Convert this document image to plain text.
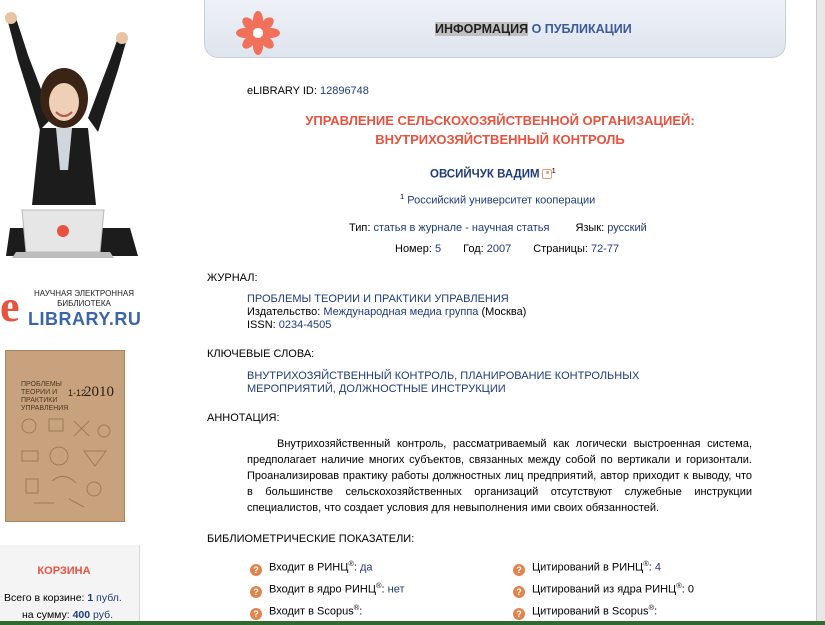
e	НАУЧНАЯ ЭЛЕКТРОННАЯ
БИБЛИОТЕКА
LIBRARY.RU
ПРОБЛЕМЫ
ТЕОРИИ И ПРАКТИКИ
УПРАВЛЕНИЯ
1-12
2010
КОРЗИНА
Всего в корзине: 1 публ.
на сумму: 400 руб.
ИНФОРМАЦИЯ О ПУБЛИКАЦИИ
eLIBRARY ID: 12896748
УПРАВЛЕНИЕ СЕЛЬСКОХОЗЯЙСТВЕННОЙ ОРГАНИЗАЦИЕЙ: ВНУТРИХОЗЯЙСТВЕННЫЙ КОНТРОЛЬ
ОВСИЙЧУК ВАДИМ $^1$
$^1$ Российский университет кооперации
Тип: статья в журнале - научная статья Язык: русский
Номер: 5 Год: 2007 Страницы: 72-77
ЖУРНАЛ:
ПРОБЛЕМЫ ТЕОРИИ И ПРАКТИКИ УПРАВЛЕНИЯ
Издательство: Международная медиа группа (Москва)
ISSN: 0234-4505
КЛЮЧЕВЫЕ СЛОВА:
ВНУТРИХОЗЯЙСТВЕННЫЙ КОНТРОЛЬ, ПЛАНИРОВАНИЕ КОНТРОЛЬНЫХ МЕРОПРИЯТИЙ, ДОЛЖНОСТНЫЕ ИНСТРУКЦИИ
АННОТАЦИЯ:
Внутрихозяйственный контроль, рассматриваемый как логически выстроенная система, предполагает наличие многих субъектов, связанных между собой по вертикали и горизонтали. Проанализировав практику работы должностных лиц предприятий, автор приходит к выводу, что в большинстве сельскохозяйственных организаций отсутствуют служебные инструкции специалистов, что создает условия для невыполнения ими своих обязанностей.
БИБЛИОМЕТРИЧЕСКИЕ ПОКАЗАТЕЛИ:
? Входит в РИНЦ®: да
? Входит в ядро РИНЦ®: нет
? Входит в Scopus®:
? Цитирований в РИНЦ®: 4
? Цитирований из ядра РИНЦ®: 0
? Цитирований в Scopus®:
